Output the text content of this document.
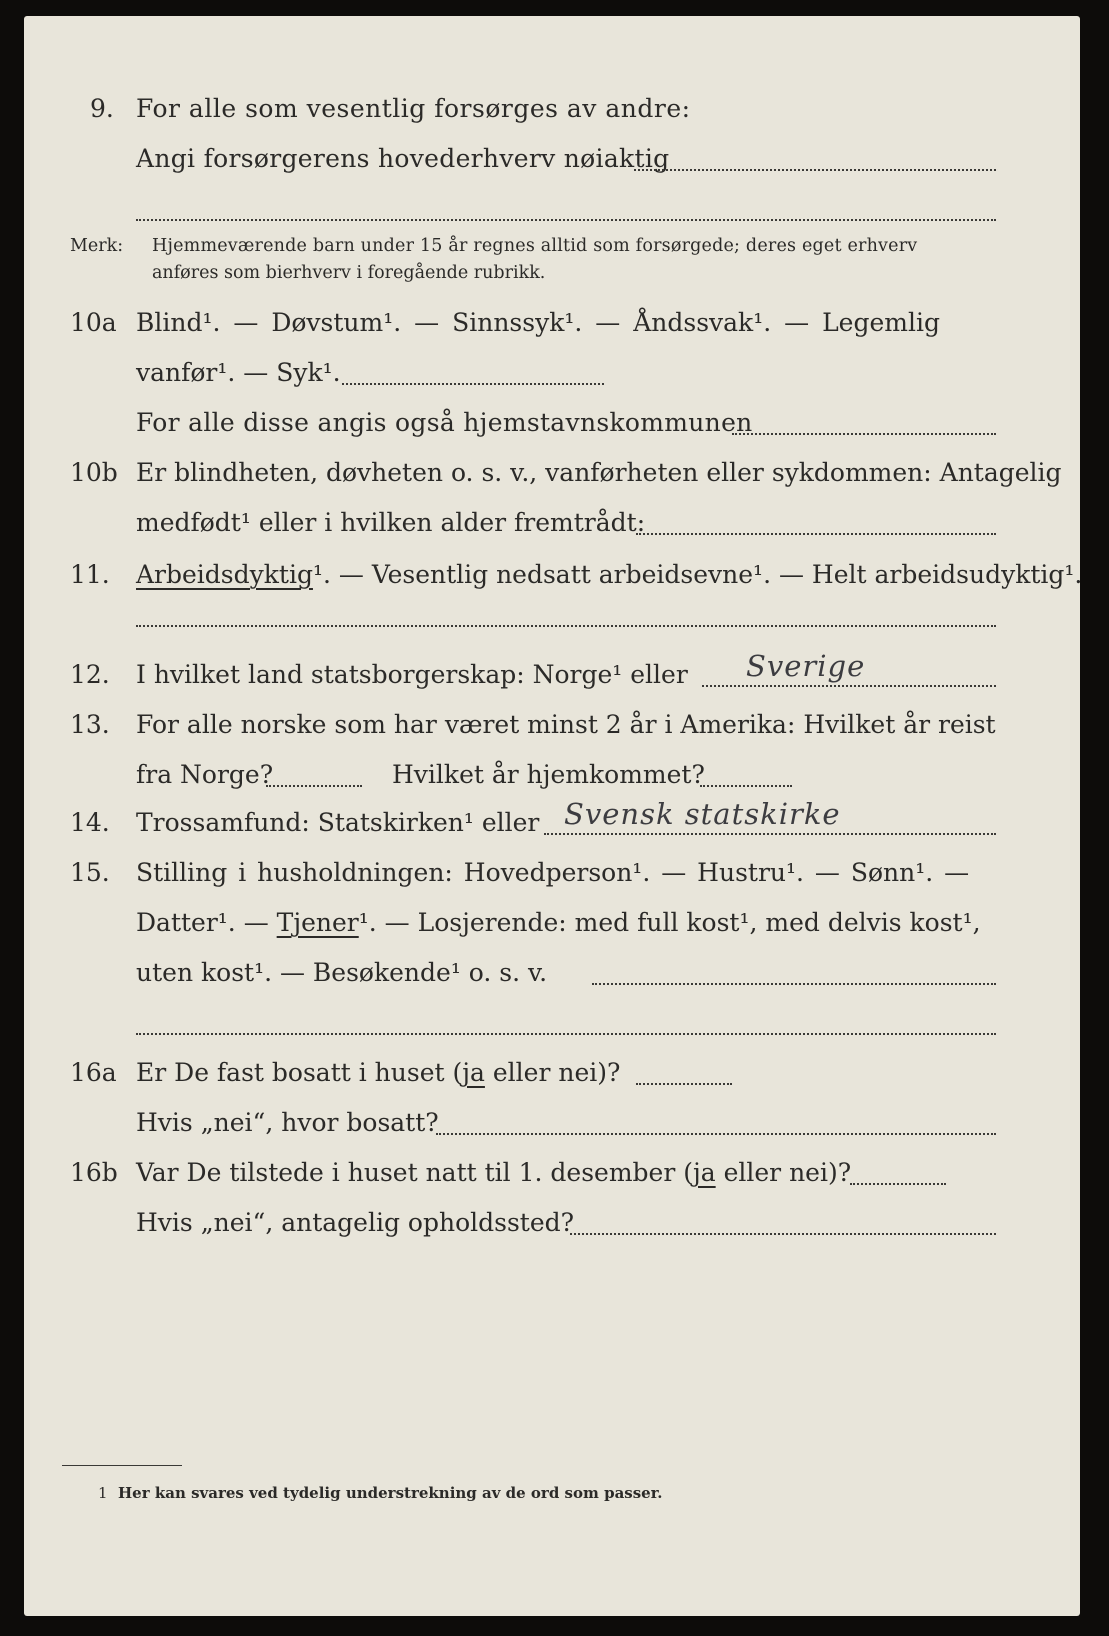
9. For alle som vesentlig forsørges av andre:
Angi forsørgerens hovederhverv nøiaktig
Merk: Hjemmeværende barn under 15 år regnes alltid som forsørgede; deres eget erhverv
anføres som bierhverv i foregående rubrikk.
10a Blind¹. — Døvstum¹. — Sinnssyk¹. — Åndssvak¹. — Legemlig
vanfør¹. — Syk¹.
For alle disse angis også hjemstavnskommunen
10b Er blindheten, døvheten o. s. v., vanførheten eller sykdommen: Antagelig
medfødt¹ eller i hvilken alder fremtrådt:
11. Arbeidsdyktig¹. — Vesentlig nedsatt arbeidsevne¹. — Helt arbeidsudyktig¹.
12. I hvilket land statsborgerskap: Norge¹ eller Sverige
13. For alle norske som har været minst 2 år i Amerika: Hvilket år reist
fra Norge?	Hvilket år hjemkommet?
14. Trossamfund: Statskirken¹ eller Svensk statskirke
15. Stilling i husholdningen: Hovedperson¹. — Hustru¹. — Sønn¹. —
Datter¹. — Tjener¹. — Losjerende: med full kost¹, med delvis kost¹,
uten kost¹. — Besøkende¹ o. s. v.
16a Er De fast bosatt i huset (ja eller nei)?
Hvis „nei“, hvor bosatt?
16b Var De tilstede i huset natt til 1. desember (ja eller nei)?
Hvis „nei“, antagelig opholdssted?
1 Her kan svares ved tydelig understrekning av de ord som passer.
